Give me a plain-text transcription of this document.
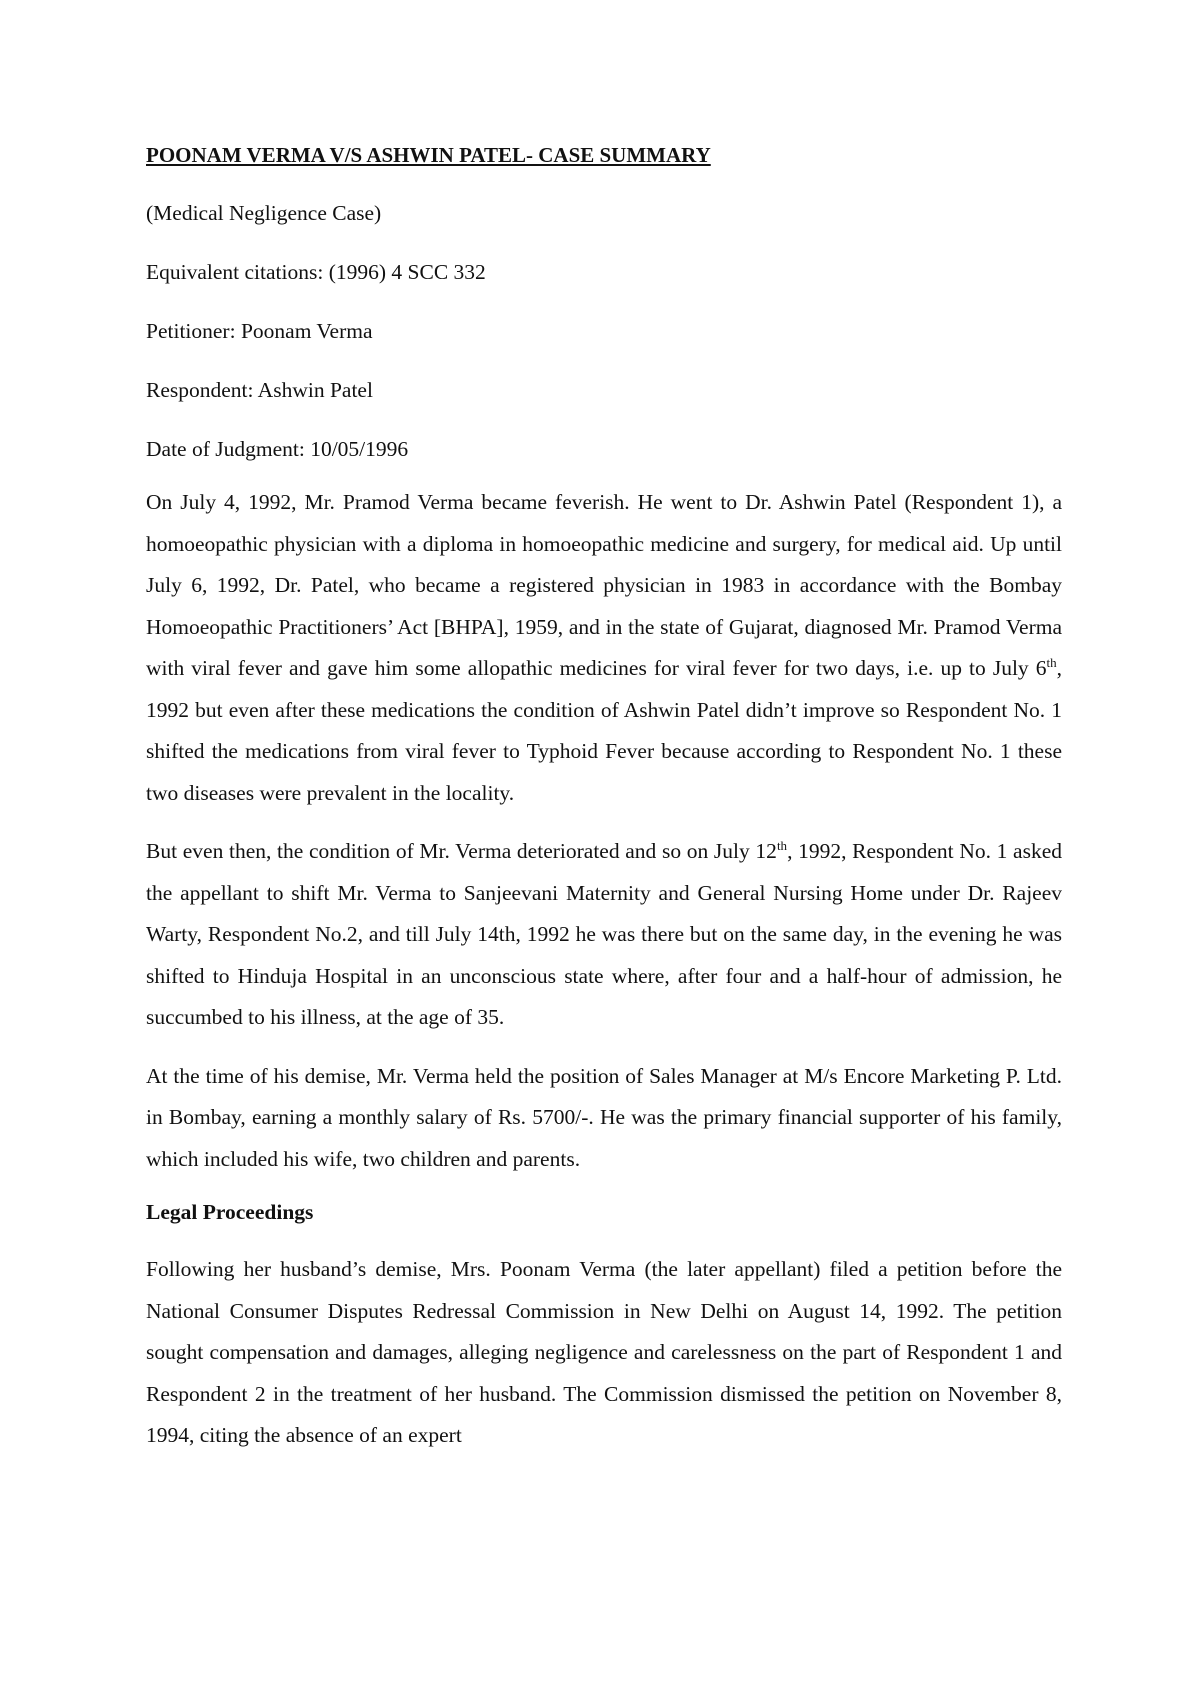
POONAM VERMA V/S ASHWIN PATEL- CASE SUMMARY
(Medical Negligence Case)
Equivalent citations: (1996) 4 SCC 332
Petitioner: Poonam Verma
Respondent: Ashwin Patel
Date of Judgment: 10/05/1996

On July 4, 1992, Mr. Pramod Verma became feverish. He went to Dr. Ashwin Patel (Respondent 1), a homoeopathic physician with a diploma in homoeopathic medicine and surgery, for medical aid. Up until July 6, 1992, Dr. Patel, who became a registered physician in 1983 in accordance with the Bombay Homoeopathic Practitioners’ Act [BHPA], 1959, and in the state of Gujarat, diagnosed Mr. Pramod Verma with viral fever and gave him some allopathic medicines for viral fever for two days, i.e. up to July 6th, 1992 but even after these medications the condition of Ashwin Patel didn’t improve so Respondent No. 1 shifted the medications from viral fever to Typhoid Fever because according to Respondent No. 1 these two diseases were prevalent in the locality.

But even then, the condition of Mr. Verma deteriorated and so on July 12th, 1992, Respondent No. 1 asked the appellant to shift Mr. Verma to Sanjeevani Maternity and General Nursing Home under Dr. Rajeev Warty, Respondent No.2, and till July 14th, 1992 he was there but on the same day, in the evening he was shifted to Hinduja Hospital in an unconscious state where, after four and a half-hour of admission, he succumbed to his illness, at the age of 35.

At the time of his demise, Mr. Verma held the position of Sales Manager at M/s Encore Marketing P. Ltd. in Bombay, earning a monthly salary of Rs. 5700/-. He was the primary financial supporter of his family, which included his wife, two children and parents.

Legal Proceedings

Following her husband’s demise, Mrs. Poonam Verma (the later appellant) filed a petition before the National Consumer Disputes Redressal Commission in New Delhi on August 14, 1992. The petition sought compensation and damages, alleging negligence and carelessness on the part of Respondent 1 and Respondent 2 in the treatment of her husband. The Commission dismissed the petition on November 8, 1994, citing the absence of an expert
